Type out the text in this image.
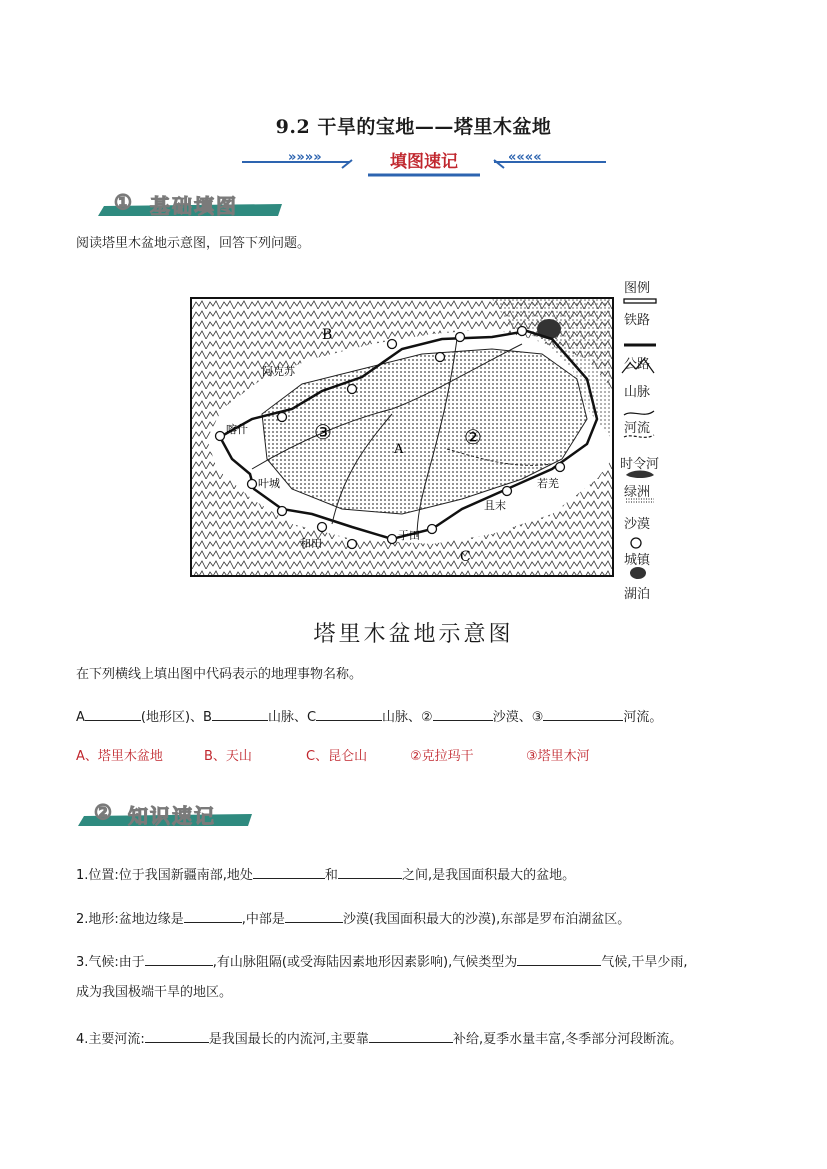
9.2 干旱的宝地——塔里木盆地
»»»»	««««
填图速记
① 基础填图
阅读塔里木盆地示意图，回答下列问题。
B
C
A
②
③
阿克苏
喀什
叶城
和田
于田
且末
若羌
图例
铁路
公路
山脉
河流
时令河
绿洲
沙漠
城镇
湖泊
塔里木盆地示意图
在下列横线上填出图中代码表示的地理事物名称。
A	(地形区)、B	山脉、C	山脉、②	沙漠、③	河流。
A、塔里木盆地	B、天山	C、昆仑山	②克拉玛干	③塔里木河
② 知识速记
1.位置:位于我国新疆南部,地处	和	之间,是我国面积最大的盆地。
2.地形:盆地边缘是	,中部是	沙漠(我国面积最大的沙漠),东部是罗布泊湖盆区。
3.气候:由于	,有山脉阻隔(或受海陆因素地形因素影响),气候类型为	气候,干旱少雨,
成为我国极端干旱的地区。
4.主要河流:	是我国最长的内流河,主要靠	补给,夏季水量丰富,冬季部分河段断流。
